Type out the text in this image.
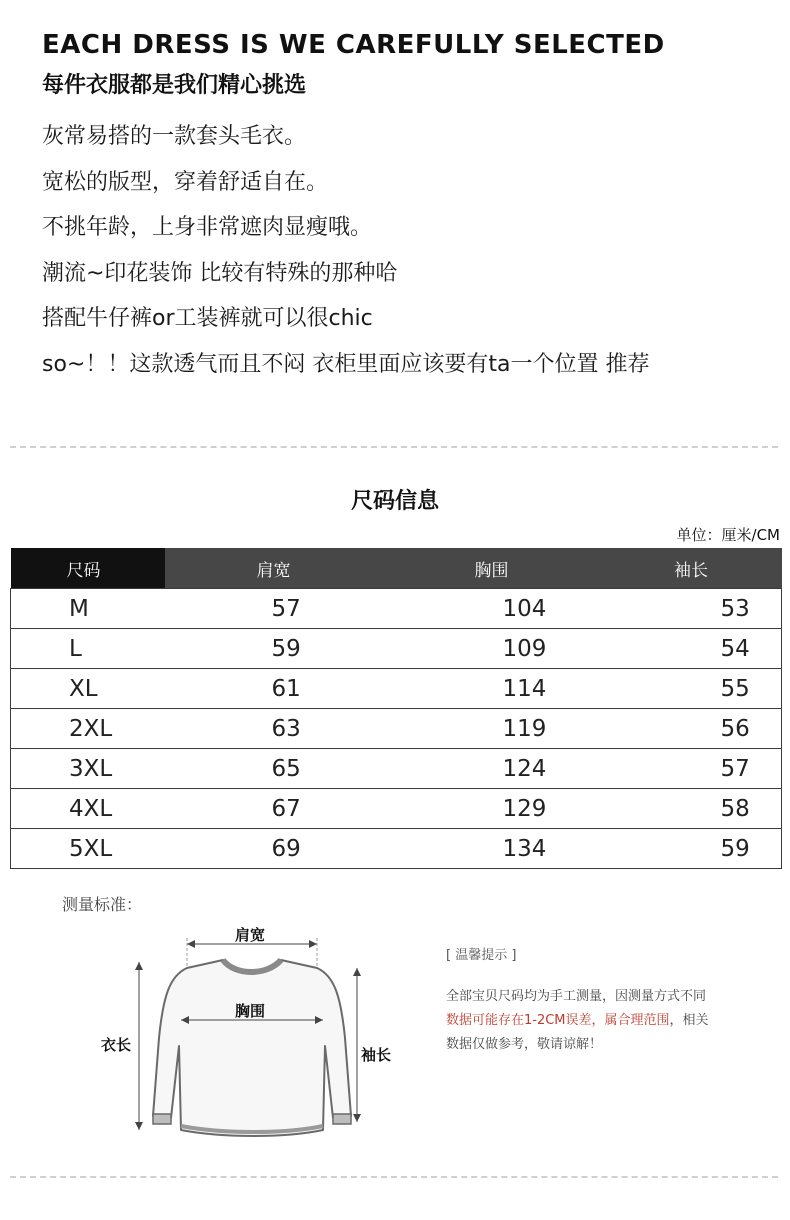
EACH DRESS IS WE CAREFULLY SELECTED
每件衣服都是我们精心挑选
灰常易搭的一款套头毛衣。
宽松的版型，穿着舒适自在。
不挑年龄，上身非常遮肉显瘦哦。
潮流~印花装饰 比较有特殊的那种哈
搭配牛仔裤or工装裤就可以很chic
so~！！这款透气而且不闷 衣柜里面应该要有ta一个位置 推荐
尺码信息
单位：厘米/CM
尺码	肩宽	胸围	袖长
M	57	104	53
L	59	109	54
XL	61	114	55
2XL	63	119	56
3XL	65	124	57
4XL	67	129	58
5XL	69	134	59
测量标准：
肩宽
胸围
衣长
袖长
[ 温馨提示 ]
全部宝贝尺码均为手工测量，因测量方式不同
数据可能存在1-2CM误差，属合理范围，相关
数据仅做参考，敬请谅解！
